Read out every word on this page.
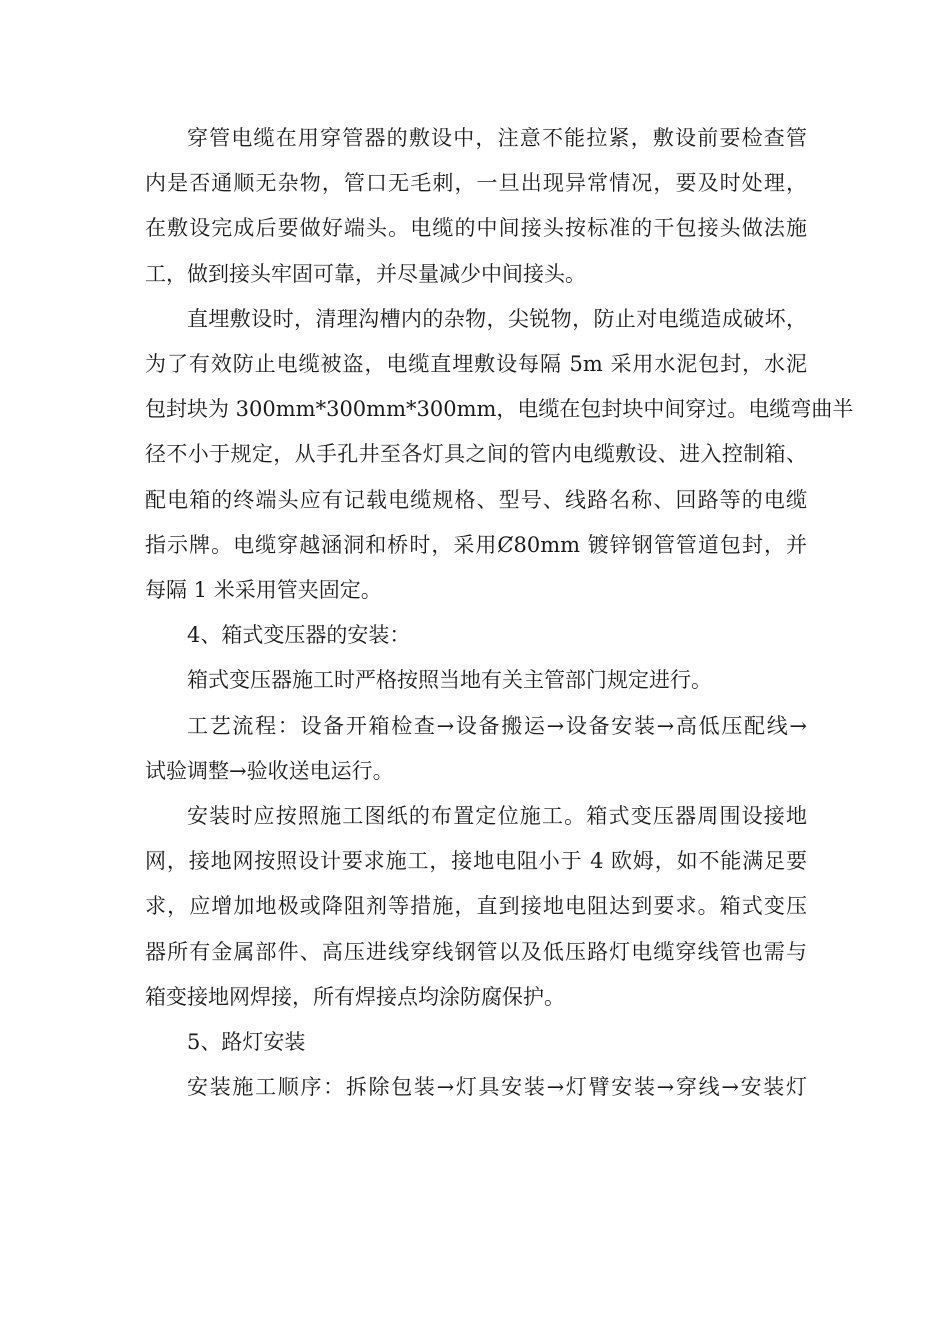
穿管电缆在用穿管器的敷设中，注意不能拉紧，敷设前要检查管
内是否通顺无杂物，管口无毛刺，一旦出现异常情况，要及时处理，
在敷设完成后要做好端头。电缆的中间接头按标准的干包接头做法施
工，做到接头牢固可靠，并尽量减少中间接头。

直埋敷设时，清理沟槽内的杂物，尖锐物，防止对电缆造成破坏，
为了有效防止电缆被盗，电缆直埋敷设每隔 5m 采用水泥包封，水泥
包封块为 300mm*300mm*300mm，电缆在包封块中间穿过。电缆弯曲半
径不小于规定，从手孔井至各灯具之间的管内电缆敷设、进入控制箱、
配电箱的终端头应有记载电缆规格、型号、线路名称、回路等的电缆
指示牌。电缆穿越涵洞和桥时，采用Ȼ80mm 镀锌钢管管道包封，并
每隔 1 米采用管夹固定。

4、箱式变压器的安装：

箱式变压器施工时严格按照当地有关主管部门规定进行。

工艺流程：设备开箱检查→设备搬运→设备安装→高低压配线→
试验调整→验收送电运行。

安装时应按照施工图纸的布置定位施工。箱式变压器周围设接地
网，接地网按照设计要求施工，接地电阻小于 4 欧姆，如不能满足要
求，应增加地极或降阻剂等措施，直到接地电阻达到要求。箱式变压
器所有金属部件、高压进线穿线钢管以及低压路灯电缆穿线管也需与
箱变接地网焊接，所有焊接点均涂防腐保护。

5、路灯安装

安装施工顺序：拆除包装→灯具安装→灯臂安装→穿线→安装灯
